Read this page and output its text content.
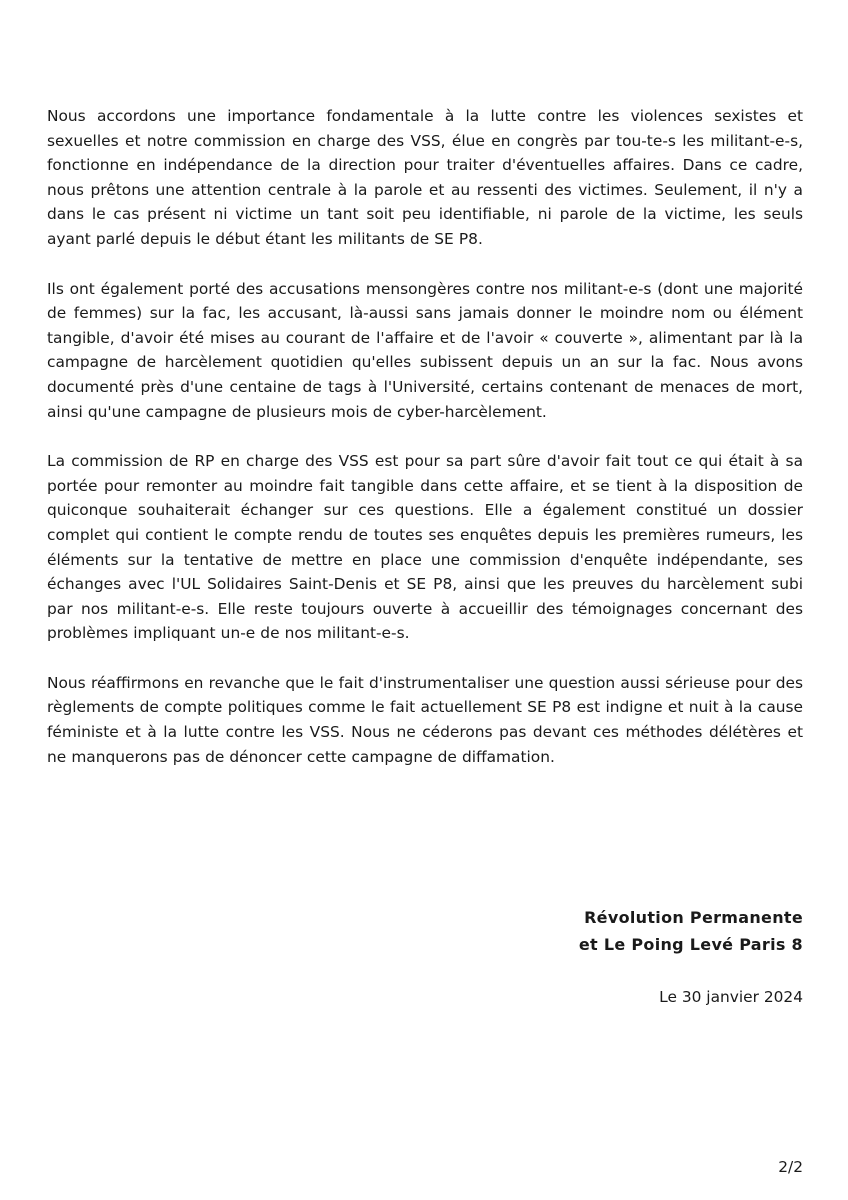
Nous accordons une importance fondamentale à la lutte contre les violences sexistes et sexuelles et notre commission en charge des VSS, élue en congrès par tou-te-s les militant-e-s, fonctionne en indépendance de la direction pour traiter d'éventuelles affaires. Dans ce cadre, nous prêtons une attention centrale à la parole et au ressenti des victimes. Seulement, il n'y a dans le cas présent ni victime un tant soit peu identifiable, ni parole de la victime, les seuls ayant parlé depuis le début étant les militants de SE P8.

Ils ont également porté des accusations mensongères contre nos militant-e-s (dont une majorité de femmes) sur la fac, les accusant, là-aussi sans jamais donner le moindre nom ou élément tangible, d'avoir été mises au courant de l'affaire et de l'avoir « couverte », alimentant par là la campagne de harcèlement quotidien qu'elles subissent depuis un an sur la fac. Nous avons documenté près d'une centaine de tags à l'Université, certains contenant de menaces de mort, ainsi qu'une campagne de plusieurs mois de cyber-harcèlement.

La commission de RP en charge des VSS est pour sa part sûre d'avoir fait tout ce qui était à sa portée pour remonter au moindre fait tangible dans cette affaire, et se tient à la disposition de quiconque souhaiterait échanger sur ces questions. Elle a également constitué un dossier complet qui contient le compte rendu de toutes ses enquêtes depuis les premières rumeurs, les éléments sur la tentative de mettre en place une commission d'enquête indépendante, ses échanges avec l'UL Solidaires Saint-Denis et SE P8, ainsi que les preuves du harcèlement subi par nos militant-e-s. Elle reste toujours ouverte à accueillir des témoignages concernant des problèmes impliquant un-e de nos militant-e-s.

Nous réaffirmons en revanche que le fait d'instrumentaliser une question aussi sérieuse pour des règlements de compte politiques comme le fait actuellement SE P8 est indigne et nuit à la cause féministe et à la lutte contre les VSS. Nous ne céderons pas devant ces méthodes délétères et ne manquerons pas de dénoncer cette campagne de diffamation.

Révolution Permanente
et Le Poing Levé Paris 8
Le 30 janvier 2024
2/2
